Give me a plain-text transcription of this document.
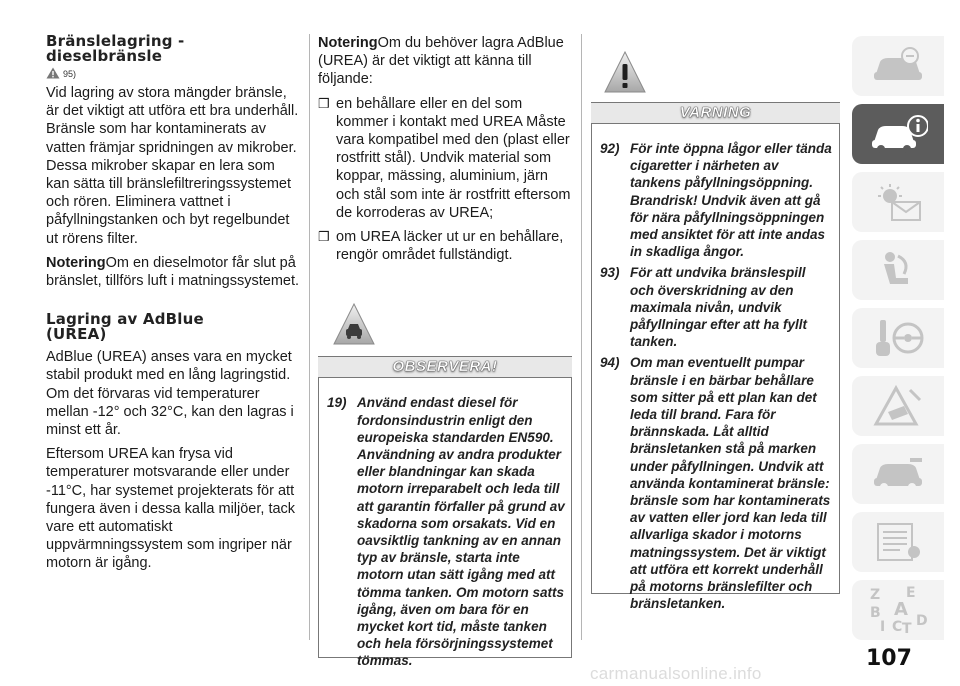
Bränslelagring -
dieselbränsle
95)

Vid lagring av stora mängder bränsle, är det viktigt att utföra ett bra underhåll. Bränsle som har kontaminerats av vatten främjar spridningen av mikrober. Dessa mikrober skapar en lera som kan sätta till bränslefiltreringssystemet och rören. Eliminera vattnet i påfyllningstanken och byt regelbundet ut rörens filter.

NoteringOm en dieselmotor får slut på bränslet, tillförs luft i matningssystemet.

Lagring av AdBlue
(UREA)

AdBlue (UREA) anses vara en mycket stabil produkt med en lång lagringstid. Om det förvaras vid temperaturer mellan -12° och 32°C, kan den lagras i minst ett år.

Eftersom UREA kan frysa vid temperaturer motsvarande eller under -11°C, har systemet projekterats för att fungera även i dessa kalla miljöer, tack vare ett automatiskt uppvärmningssystem som ingriper när motorn är igång.

NoteringOm du behöver lagra AdBlue (UREA) är det viktigt att känna till följande:

❒ en behållare eller en del som kommer i kontakt med UREA Måste vara kompatibel med den (plast eller rostfritt stål). Undvik material som koppar, mässing, aluminium, järn och stål som inte är rostfritt eftersom de korroderas av UREA;
❒ om UREA läcker ut ur en behållare, rengör området fullständigt.
OBSERVERA!
19) Använd endast diesel för fordonsindustrin enligt den europeiska standarden EN590. Användning av andra produkter eller blandningar kan skada motorn irreparabelt och leda till att garantin förfaller på grund av skadorna som orsakats. Vid en oavsiktlig tankning av en annan typ av bränsle, starta inte motorn utan sätt igång med att tömma tanken. Om motorn satts igång, även om bara för en mycket kort tid, måste tanken och hela försörjningssystemet tömmas.
VARNING
92) För inte öppna lågor eller tända cigaretter i närheten av tankens påfyllningsöppning. Brandrisk! Undvik även att gå för nära påfyllningsöppningen med ansiktet för att inte andas in skadliga ångor.
93) För att undvika bränslespill och överskridning av den maximala nivån, undvik påfyllningar efter att ha fyllt tanken.
94) Om man eventuellt pumpar bränsle i en bärbar behållare som sitter på ett plan kan det leda till brand. Fara för brännskada. Låt alltid bränsletanken stå på marken under påfyllningen. Undvik att använda kontaminerat bränsle: bränsle som har kontaminerats av vatten eller jord kan leda till allvarliga skador i motorns matningssystem. Det är viktigt att utföra ett korrekt underhåll på motorns bränslefilter och bränsletanken.
Z E
B A
I C T D
107
carmanualsonline.info
